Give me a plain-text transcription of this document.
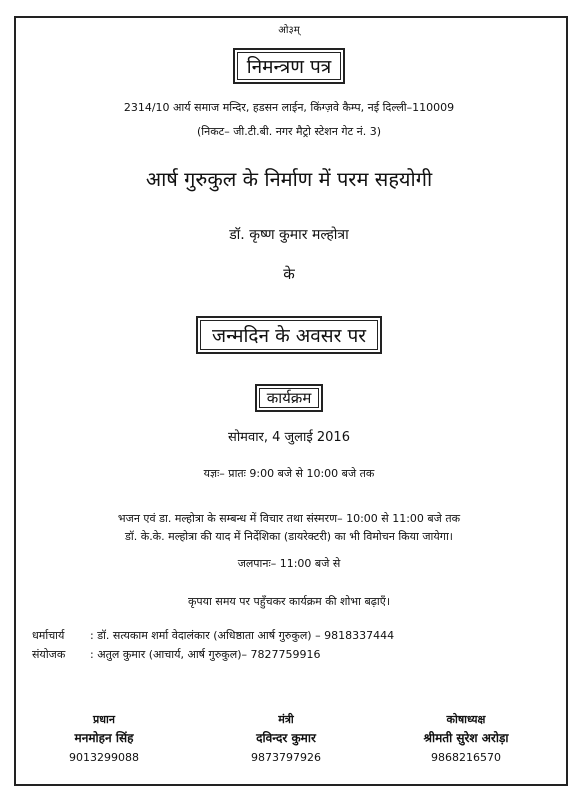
ओ३म्
निमन्त्रण पत्र
2314/10 आर्य समाज मन्दिर, हडसन लाईन, किंग्ज़वे कैम्प, नई दिल्ली–110009
(निकट– जी.टी.बी. नगर मैट्रो स्टेशन गेट नं. 3)
आर्ष गुरुकुल के निर्माण में परम सहयोगी
डॉ. कृष्ण कुमार मल्होत्रा
के
जन्मदिन के अवसर पर
कार्यक्रम
सोमवार, 4 जुलाई 2016
यज्ञः– प्रातः 9:00 बजे से 10:00 बजे तक
भजन एवं डा. मल्होत्रा के सम्बन्ध में विचार तथा संस्मरण– 10:00 से 11:00 बजे तक
डॉ. के.के. मल्होत्रा की याद में निर्देशिका (डायरेक्टरी) का भी विमोचन किया जायेगा।
जलपानः– 11:00 बजे से
कृपया समय पर पहुँचकर कार्यक्रम की शोभा बढ़ाएँ।
धर्माचार्य : डॉ. सत्यकाम शर्मा वेदालंकार (अधिष्ठाता आर्ष गुरुकुल) – 9818337444
संयोजक : अतुल कुमार (आचार्य, आर्ष गुरुकुल)– 7827759916
प्रधान
मनमोहन सिंह
9013299088
मंत्री
दविन्दर कुमार
9873797926
कोषाध्यक्ष
श्रीमती सुरेश अरोड़ा
9868216570
